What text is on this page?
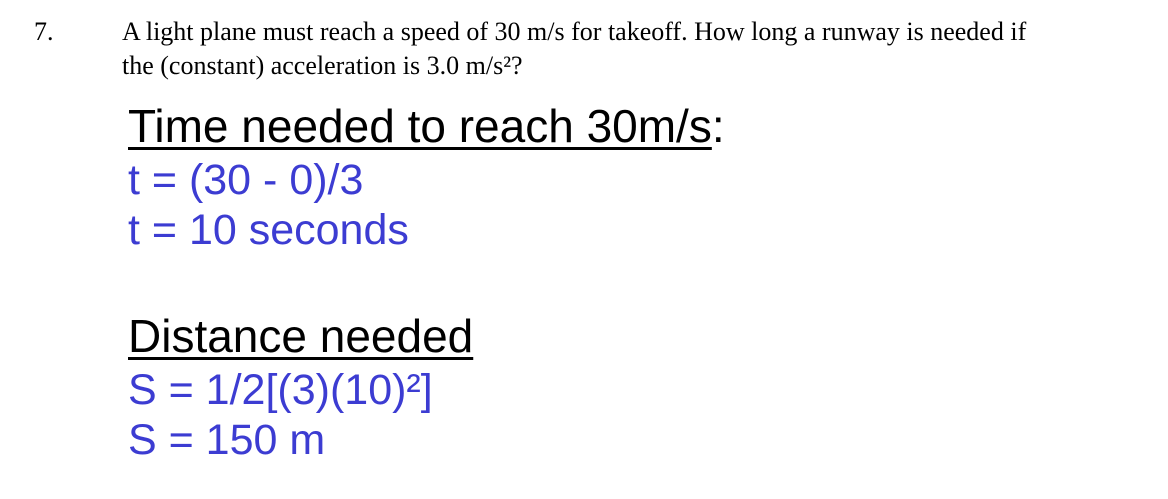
7.	A light plane must reach a speed of 30 m/s for takeoff. How long a runway is needed if
the (constant) acceleration is 3.0 m/s²?
Time needed to reach 30m/s:
t = (30 - 0)/3
t = 10 seconds
Distance needed
S = 1/2[(3)(10)²]
S = 150 m
